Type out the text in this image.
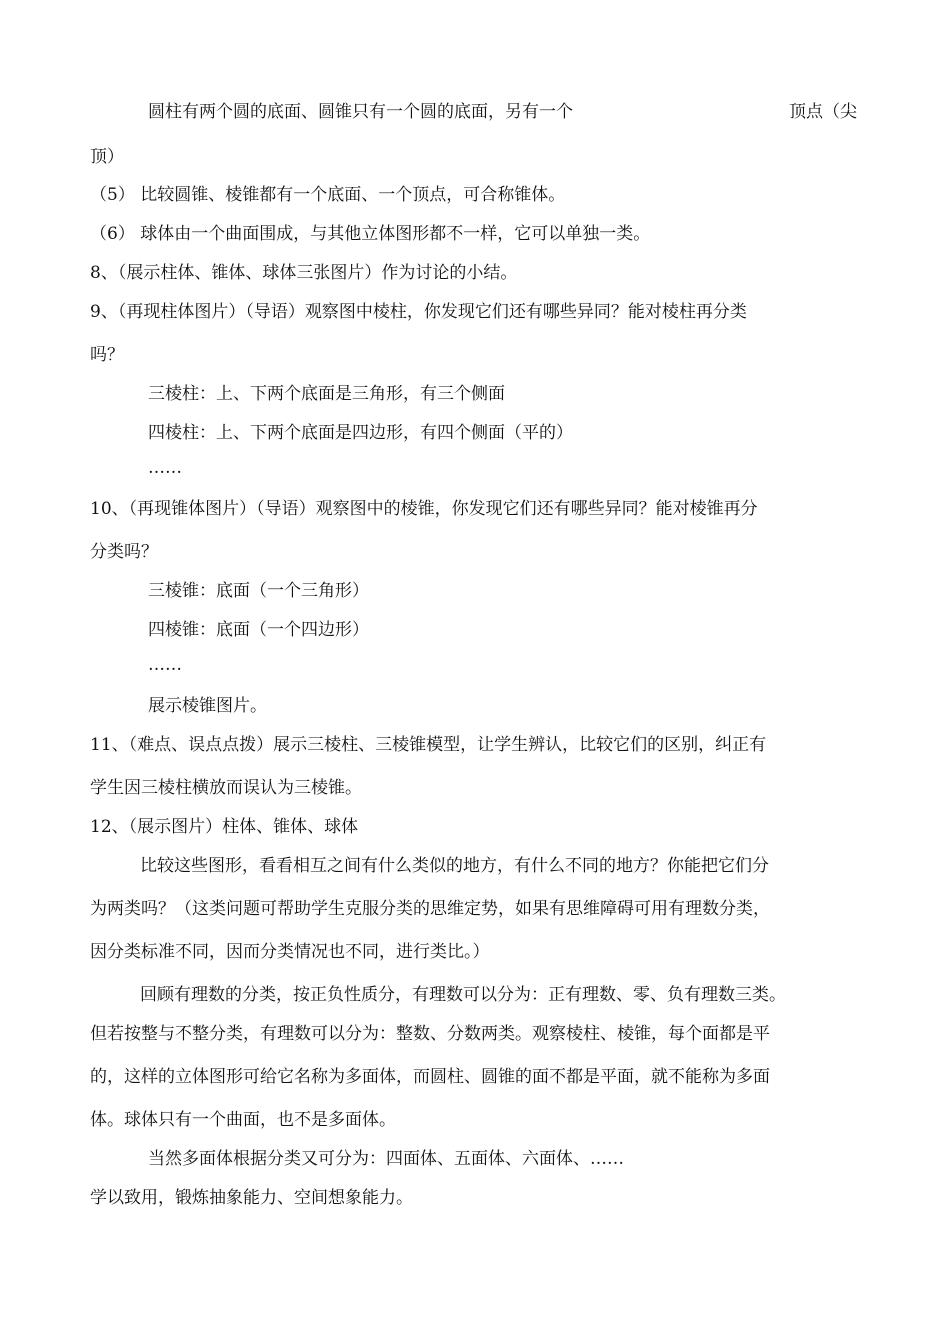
圆柱有两个圆的底面、圆锥只有一个圆的底面，另有一个	顶点（尖
顶）
（5） 比较圆锥、棱锥都有一个底面、一个顶点，可合称锥体。
（6） 球体由一个曲面围成，与其他立体图形都不一样，它可以单独一类。
8、（展示柱体、锥体、球体三张图片）作为讨论的小结。
9、（再现柱体图片）（导语）观察图中棱柱，你发现它们还有哪些异同？能对棱柱再分类
吗？
三棱柱：上、下两个底面是三角形，有三个侧面
四棱柱：上、下两个底面是四边形，有四个侧面（平的）
……
10、（再现锥体图片）（导语）观察图中的棱锥，你发现它们还有哪些异同？能对棱锥再分
分类吗？
三棱锥：底面（一个三角形）
四棱锥：底面（一个四边形）
……
展示棱锥图片。
11、（难点、误点点拨）展示三棱柱、三棱锥模型，让学生辨认，比较它们的区别，纠正有
学生因三棱柱横放而误认为三棱锥。
12、（展示图片）柱体、锥体、球体
比较这些图形，看看相互之间有什么类似的地方，有什么不同的地方？你能把它们分
为两类吗？（这类问题可帮助学生克服分类的思维定势，如果有思维障碍可用有理数分类，
因分类标准不同，因而分类情况也不同，进行类比。）
回顾有理数的分类，按正负性质分，有理数可以分为：正有理数、零、负有理数三类。
但若按整与不整分类，有理数可以分为：整数、分数两类。观察棱柱、棱锥，每个面都是平
的，这样的立体图形可给它名称为多面体，而圆柱、圆锥的面不都是平面，就不能称为多面
体。球体只有一个曲面，也不是多面体。
当然多面体根据分类又可分为：四面体、五面体、六面体、……
学以致用，锻炼抽象能力、空间想象能力。
